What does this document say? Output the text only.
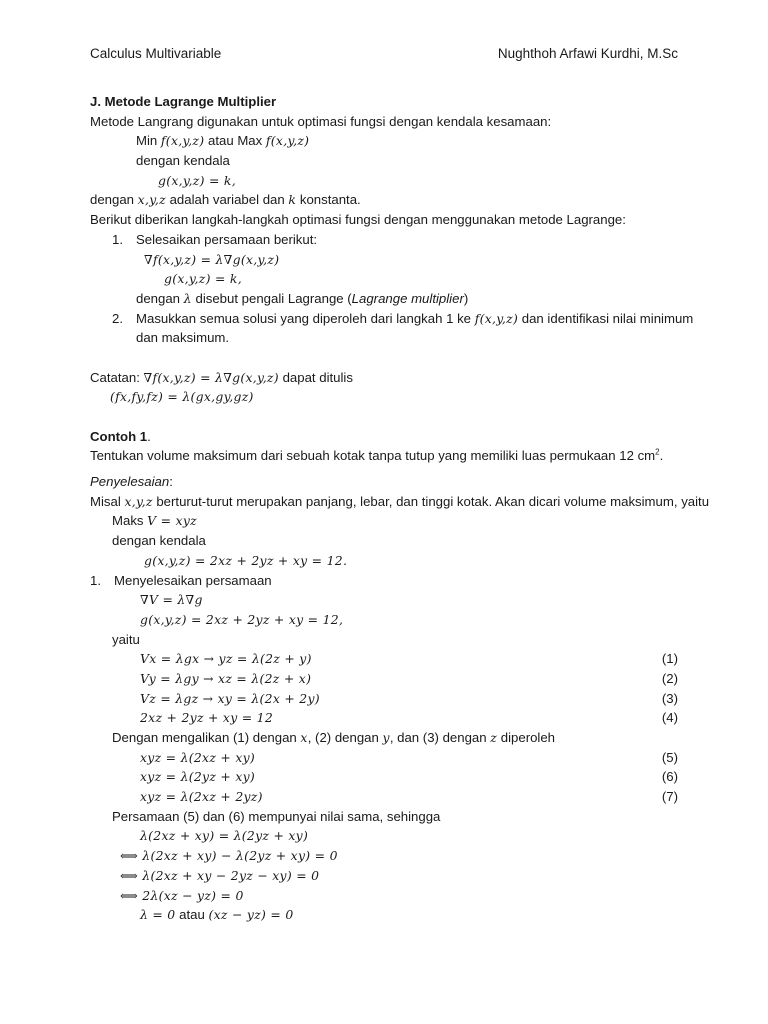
Calculus Multivariable	Nughthoh Arfawi Kurdhi, M.Sc
J. Metode Lagrange Multiplier
Metode Langrang digunakan untuk optimasi fungsi dengan kendala kesamaan:
Min f(x,y,z) atau Max f(x,y,z)
dengan kendala
g(x,y,z) = k,
dengan x,y,z adalah variabel dan k konstanta.
Berikut diberikan langkah-langkah optimasi fungsi dengan menggunakan metode Lagrange:
1. Selesaikan persamaan berikut:
∇f(x,y,z) = λ∇g(x,y,z)
g(x,y,z) = k,
dengan λ disebut pengali Lagrange (Lagrange multiplier)
2. Masukkan semua solusi yang diperoleh dari langkah 1 ke f(x,y,z) dan identifikasi nilai minimum
dan maksimum.
Catatan: ∇f(x,y,z) = λ∇g(x,y,z) dapat ditulis
(fx,fy,fz) = λ(gx,gy,gz)
Contoh 1.
Tentukan volume maksimum dari sebuah kotak tanpa tutup yang memiliki luas permukaan 12 $cm^2$.
Penyelesaian:
Misal x,y,z berturut-turut merupakan panjang, lebar, dan tinggi kotak. Akan dicari volume maksimum, yaitu
Maks V = xyz
dengan kendala
g(x,y,z) = 2xz + 2yz + xy = 12.
1. Menyelesaikan persamaan
∇V = λ∇g
g(x,y,z) = 2xz + 2yz + xy = 12,
yaitu
Vx = λgx → yz = λ(2z + y)	(1)
Vy = λgy → xz = λ(2z + x)	(2)
Vz = λgz → xy = λ(2x + 2y)	(3)
2xz + 2yz + xy = 12	(4)
Dengan mengalikan (1) dengan x, (2) dengan y, dan (3) dengan z diperoleh
xyz = λ(2xz + xy)	(5)
xyz = λ(2yz + xy)	(6)
xyz = λ(2xz + 2yz)	(7)
Persamaan (5) dan (6) mempunyai nilai sama, sehingga
λ(2xz + xy) = λ(2yz + xy)
⟺ λ(2xz + xy) − λ(2yz + xy) = 0
⟺ λ(2xz + xy − 2yz − xy) = 0
⟺ 2λ(xz − yz) = 0
λ = 0 atau (xz − yz) = 0
